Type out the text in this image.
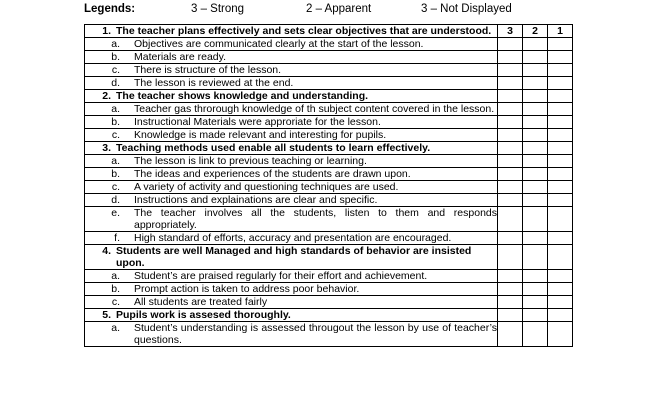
Legends:	3 – Strong	2 – Apparent	3 – Not Displayed
1. The teacher plans effectively and sets clear objectives that are understood.	3	2	1

a. Objectives are communicated clearly at the start of the lesson.			

b. Materials are ready.			

c. There is structure of the lesson.			

d. The lesson is reviewed at the end.			

2. The teacher shows knowledge and understanding.			

a. Teacher gas throrough knowledge of th subject content covered in the lesson.			

b. Instructional Materials were approriate for the lesson.			

c. Knowledge is made relevant and interesting for pupils.			

3. Teaching methods used enable all students to learn effectively.			

a. The lesson is link to previous teaching or learning.			

b. The ideas and experiences of the students are drawn upon.			

c. A variety of activity and questioning techniques are used.			

d. Instructions and explainations are clear and specific.			

e. The teacher involves all the students, listen to them and responds appropriately.			

f. High standard of efforts, accuracy and presentation are encouraged.			

4. Students are well Managed and high standards of behavior are insisted upon.			

a. Student’s are praised regularly for their effort and achievement.			

b. Prompt action is taken to address poor behavior.			

c. All students are treated fairly			

5. Pupils work is assesed thoroughly.			

a. Student’s understanding is assessed througout the lesson by use of teacher’s questions.			
